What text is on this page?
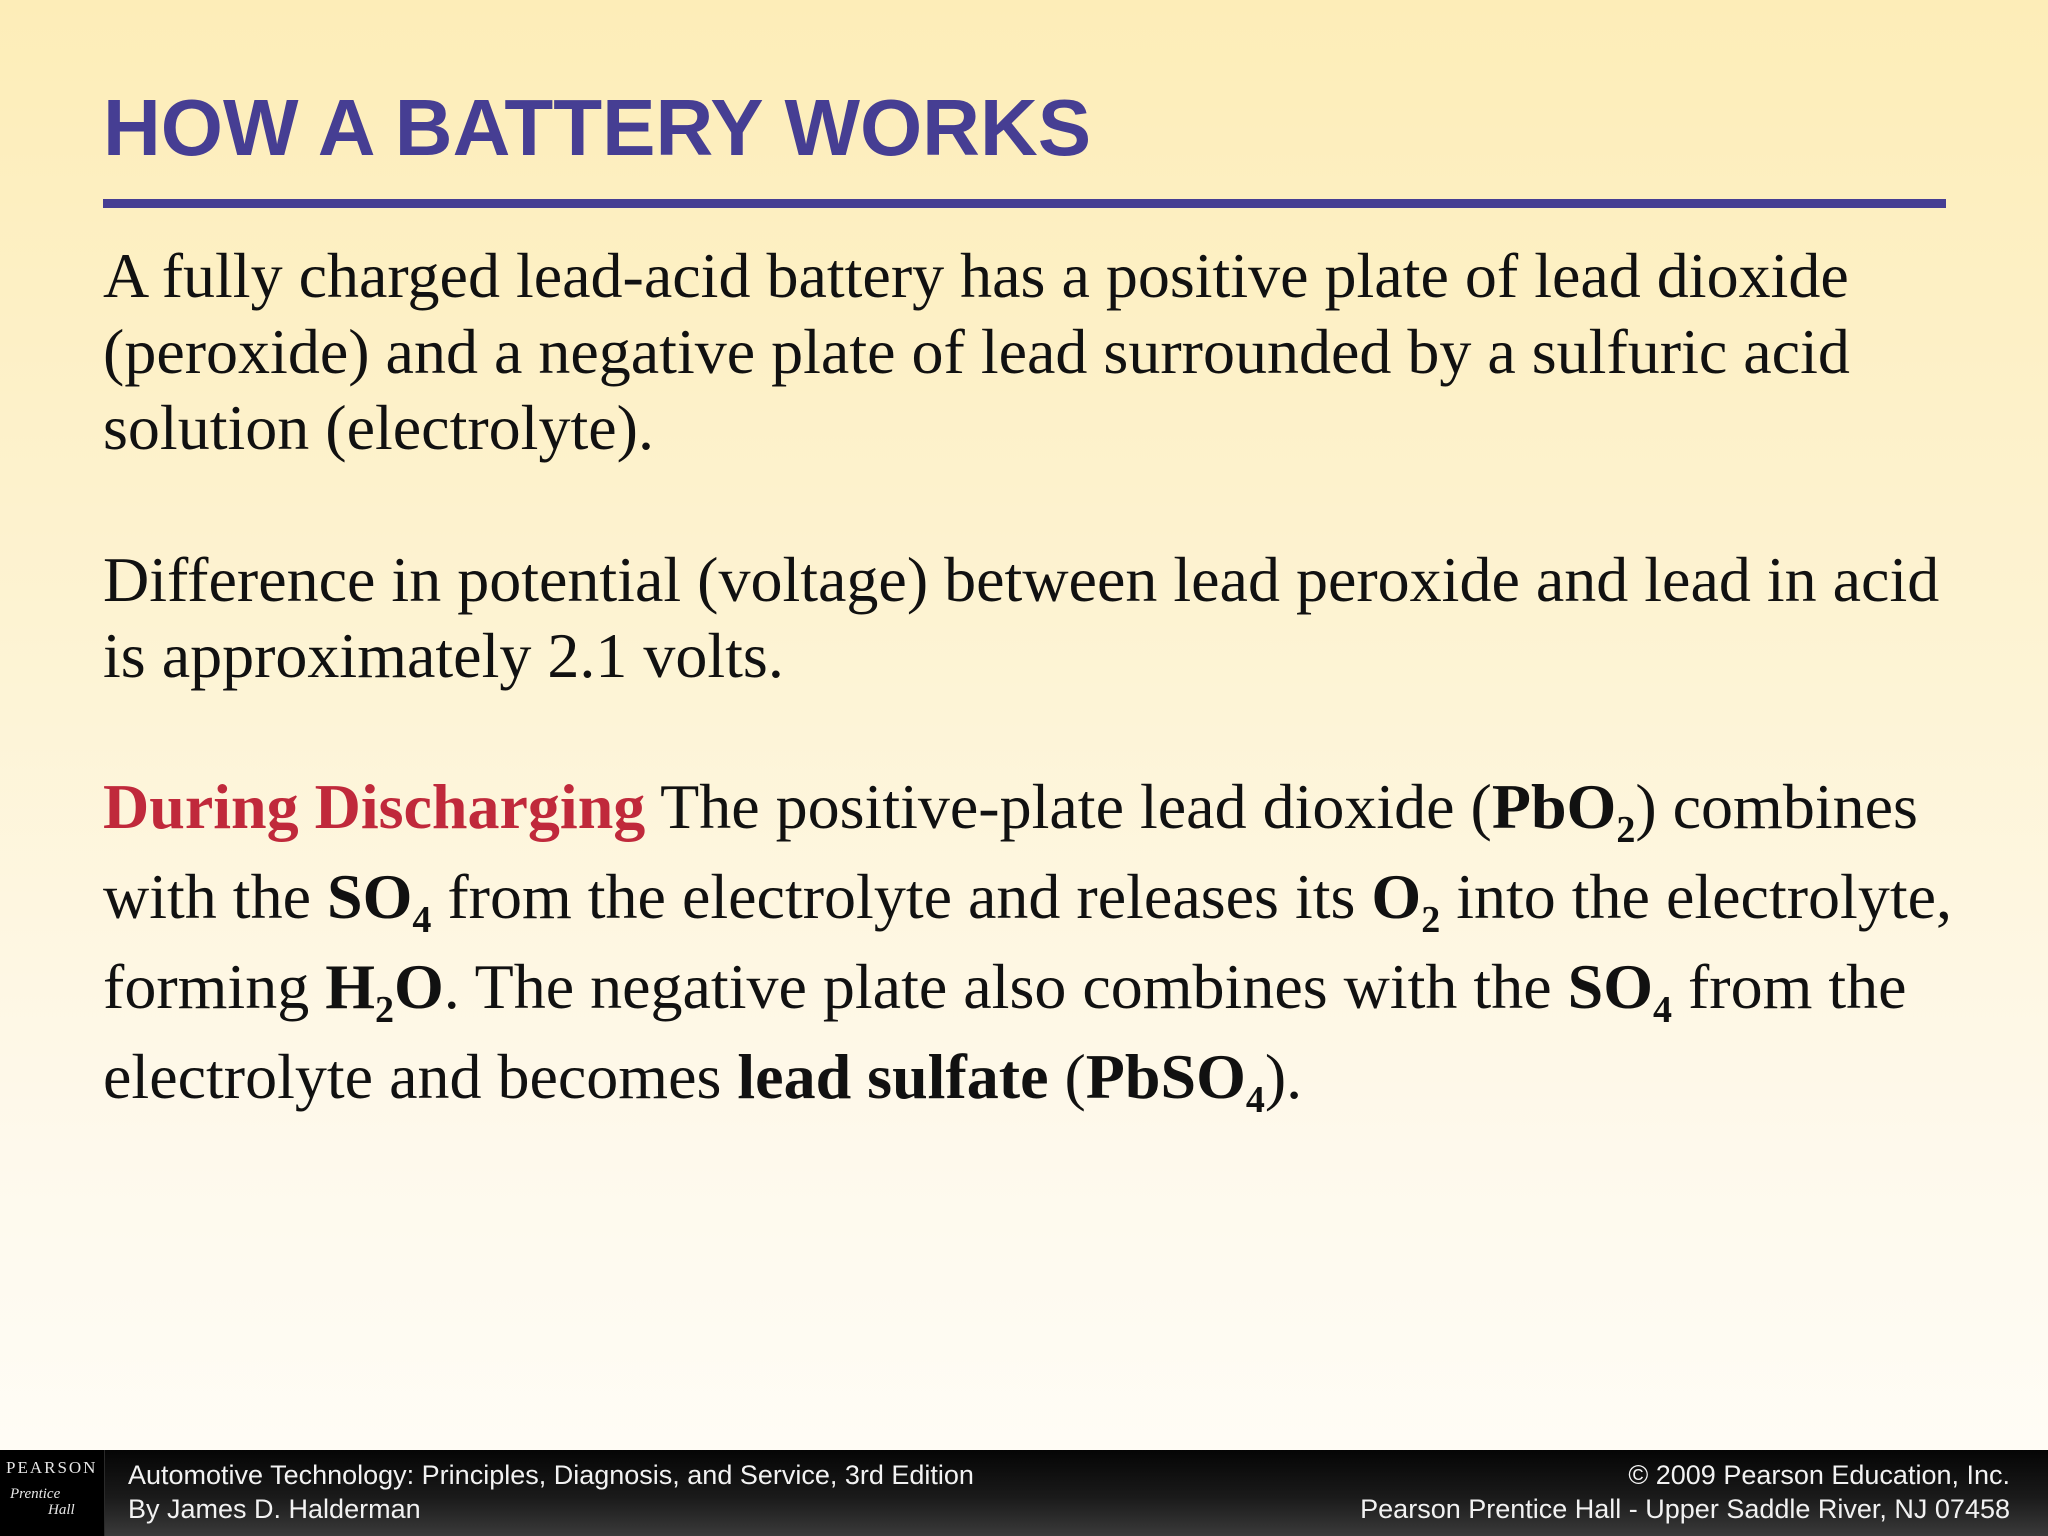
HOW A BATTERY WORKS

A fully charged lead-acid battery has a positive plate of lead dioxide (peroxide) and a negative plate of lead surrounded by a sulfuric acid solution (electrolyte).

Difference in potential (voltage) between lead peroxide and lead in acid is approximately 2.1 volts.

During Discharging The positive-plate lead dioxide (PbO$_2$) combines with the $SO_4$ from the electrolyte and releases its $O_2$ into the electrolyte, forming $H_2O$. The negative plate also combines with the $SO_4$ from the electrolyte and becomes lead sulfate (PbSO$_4$).

PEARSON
Prentice
Hall
Automotive Technology: Principles, Diagnosis, and Service, 3rd Edition
By James D. Halderman
© 2009 Pearson Education, Inc.
Pearson Prentice Hall - Upper Saddle River, NJ 07458
